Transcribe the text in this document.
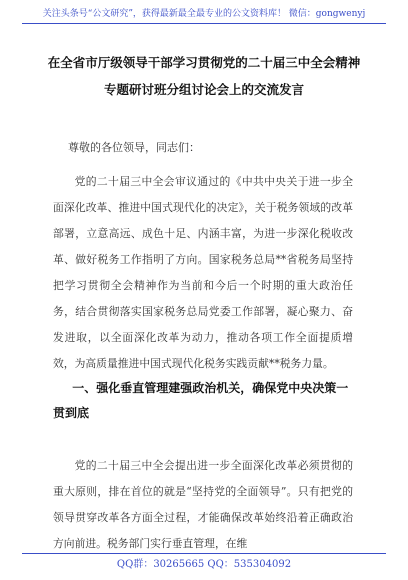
关注头条号“公文研究”，获得最新最全最专业的公文资料库！ 微信：gongwenyj
在全省市厅级领导干部学习贯彻党的二十届三中全会精神
专题研讨班分组讨论会上的交流发言
尊敬的各位领导，同志们：

党的二十届三中全会审议通过的《中共中央关于进一步全面深化改革、推进中国式现代化的决定》，关于税务领域的改革部署，立意高远、成色十足、内涵丰富，为进一步深化税收改革、做好税务工作指明了方向。国家税务总局**省税务局坚持把学习贯彻全会精神作为当前和今后一个时期的重大政治任务，结合贯彻落实国家税务总局党委工作部署，凝心聚力、奋发进取，以全面深化改革为动力，推动各项工作全面提质增效，为高质量推进中国式现代化税务实践贡献**税务力量。

一、强化垂直管理建强政治机关，确保党中央决策一贯到底

党的二十届三中全会提出进一步全面深化改革必须贯彻的重大原则，排在首位的就是“坚持党的全面领导”。只有把党的领导贯穿改革各方面全过程，才能确保改革始终沿着正确政治方向前进。税务部门实行垂直管理，在维

QQ群：30265665 QQ：535304092
